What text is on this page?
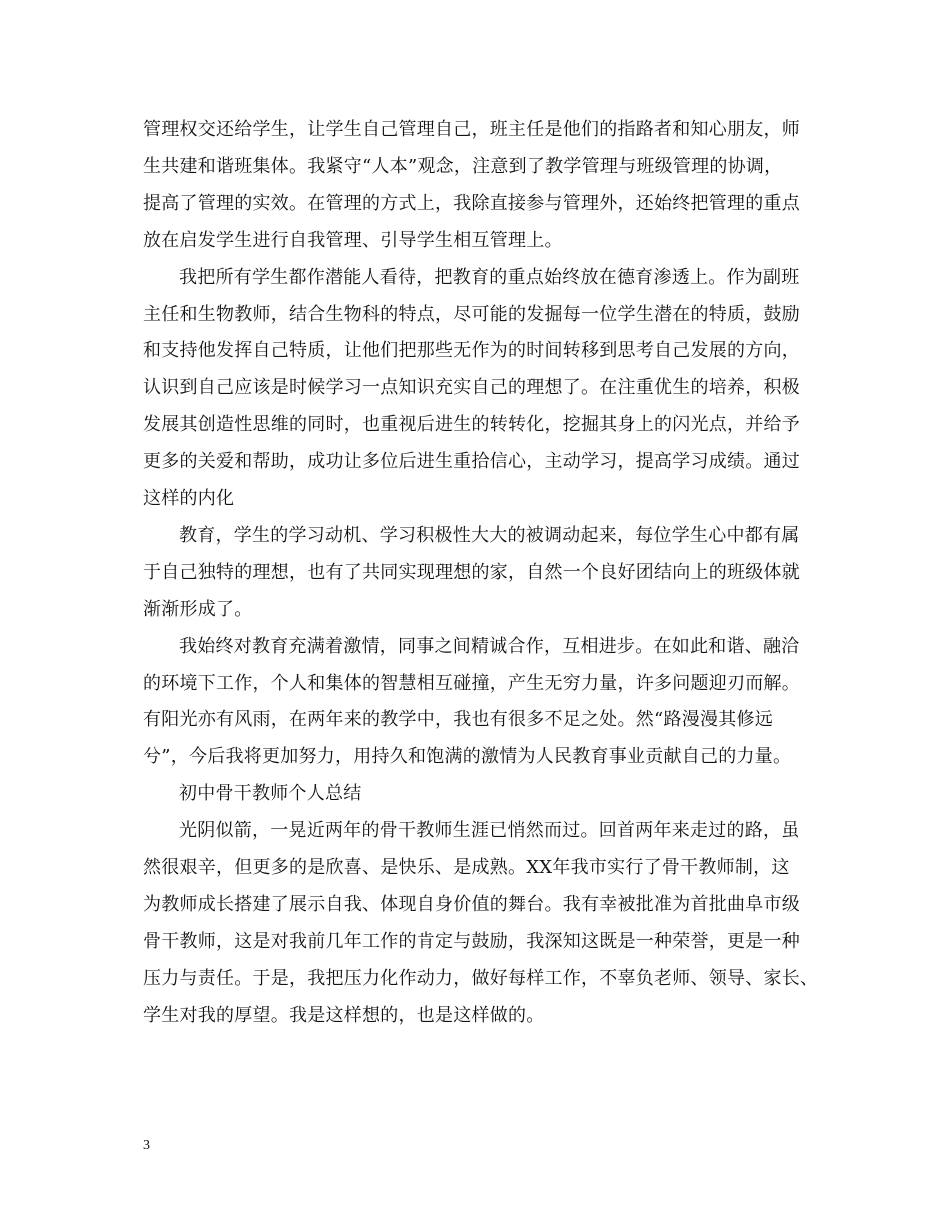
管理权交还给学生，让学生自己管理自己，班主任是他们的指路者和知心朋友，师
生共建和谐班集体。我紧守“人本”观念，注意到了教学管理与班级管理的协调，
提高了管理的实效。在管理的方式上，我除直接参与管理外，还始终把管理的重点
放在启发学生进行自我管理、引导学生相互管理上。
我把所有学生都作潜能人看待，把教育的重点始终放在德育渗透上。作为副班
主任和生物教师，结合生物科的特点，尽可能的发掘每一位学生潜在的特质，鼓励
和支持他发挥自己特质，让他们把那些无作为的时间转移到思考自己发展的方向，
认识到自己应该是时候学习一点知识充实自己的理想了。在注重优生的培养，积极
发展其创造性思维的同时，也重视后进生的转转化，挖掘其身上的闪光点，并给予
更多的关爱和帮助，成功让多位后进生重拾信心，主动学习，提高学习成绩。通过
这样的内化
教育，学生的学习动机、学习积极性大大的被调动起来，每位学生心中都有属
于自己独特的理想，也有了共同实现理想的家，自然一个良好团结向上的班级体就
渐渐形成了。
我始终对教育充满着激情，同事之间精诚合作，互相进步。在如此和谐、融洽
的环境下工作，个人和集体的智慧相互碰撞，产生无穷力量，许多问题迎刃而解。
有阳光亦有风雨，在两年来的教学中，我也有很多不足之处。然“路漫漫其修远
兮”，今后我将更加努力，用持久和饱满的激情为人民教育事业贡献自己的力量。
初中骨干教师个人总结
光阴似箭，一晃近两年的骨干教师生涯已悄然而过。回首两年来走过的路，虽
然很艰辛，但更多的是欣喜、是快乐、是成熟。XX年我市实行了骨干教师制，这
为教师成长搭建了展示自我、体现自身价值的舞台。我有幸被批准为首批曲阜市级
骨干教师，这是对我前几年工作的肯定与鼓励，我深知这既是一种荣誉，更是一种
压力与责任。于是，我把压力化作动力，做好每样工作，不辜负老师、领导、家长、
学生对我的厚望。我是这样想的，也是这样做的。
3
